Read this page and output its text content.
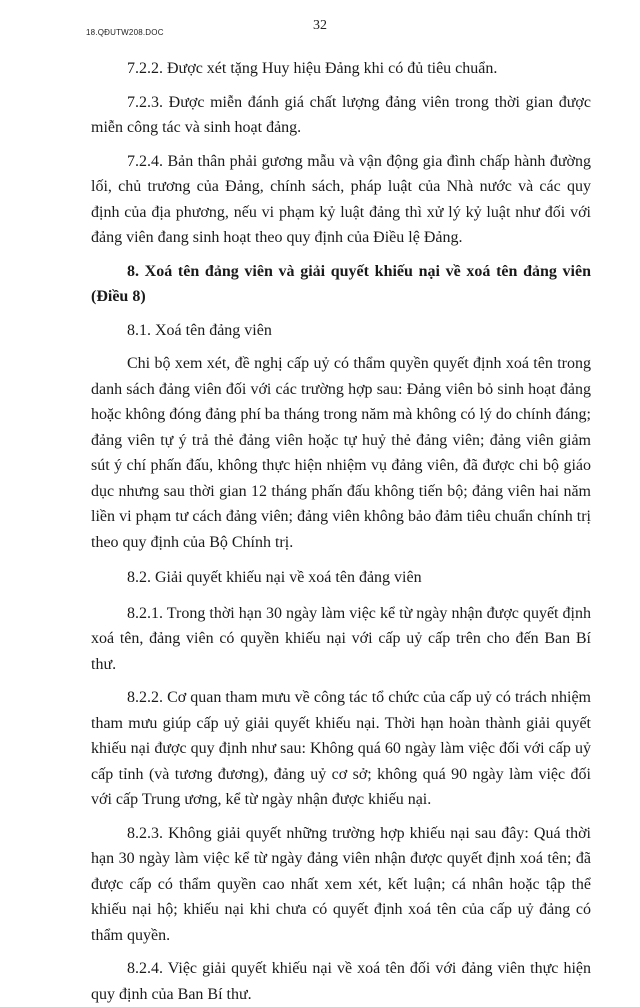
18.QĐUTW208.DOC	32

7.2.2. Được xét tặng Huy hiệu Đảng khi có đủ tiêu chuẩn.

7.2.3. Được miễn đánh giá chất lượng đảng viên trong thời gian được miễn công tác và sinh hoạt đảng.

7.2.4. Bản thân phải gương mẫu và vận động gia đình chấp hành đường lối, chủ trương của Đảng, chính sách, pháp luật của Nhà nước và các quy định của địa phương, nếu vi phạm kỷ luật đảng thì xử lý kỷ luật như đối với đảng viên đang sinh hoạt theo quy định của Điều lệ Đảng.

8. Xoá tên đảng viên và giải quyết khiếu nại về xoá tên đảng viên (Điều 8)

8.1. Xoá tên đảng viên

Chi bộ xem xét, đề nghị cấp uỷ có thẩm quyền quyết định xoá tên trong danh sách đảng viên đối với các trường hợp sau: Đảng viên bỏ sinh hoạt đảng hoặc không đóng đảng phí ba tháng trong năm mà không có lý do chính đáng; đảng viên tự ý trả thẻ đảng viên hoặc tự huỷ thẻ đảng viên; đảng viên giảm sút ý chí phấn đấu, không thực hiện nhiệm vụ đảng viên, đã được chi bộ giáo dục nhưng sau thời gian 12 tháng phấn đấu không tiến bộ; đảng viên hai năm liền vi phạm tư cách đảng viên; đảng viên không bảo đảm tiêu chuẩn chính trị theo quy định của Bộ Chính trị.

8.2. Giải quyết khiếu nại về xoá tên đảng viên

8.2.1. Trong thời hạn 30 ngày làm việc kể từ ngày nhận được quyết định xoá tên, đảng viên có quyền khiếu nại với cấp uỷ cấp trên cho đến Ban Bí thư.

8.2.2. Cơ quan tham mưu về công tác tổ chức của cấp uỷ có trách nhiệm tham mưu giúp cấp uỷ giải quyết khiếu nại. Thời hạn hoàn thành giải quyết khiếu nại được quy định như sau: Không quá 60 ngày làm việc đối với cấp uỷ cấp tỉnh (và tương đương), đảng uỷ cơ sở; không quá 90 ngày làm việc đối với cấp Trung ương, kể từ ngày nhận được khiếu nại.

8.2.3. Không giải quyết những trường hợp khiếu nại sau đây: Quá thời hạn 30 ngày làm việc kể từ ngày đảng viên nhận được quyết định xoá tên; đã được cấp có thẩm quyền cao nhất xem xét, kết luận; cá nhân hoặc tập thể khiếu nại hộ; khiếu nại khi chưa có quyết định xoá tên của cấp uỷ đảng có thẩm quyền.

8.2.4. Việc giải quyết khiếu nại về xoá tên đối với đảng viên thực hiện quy định của Ban Bí thư.
